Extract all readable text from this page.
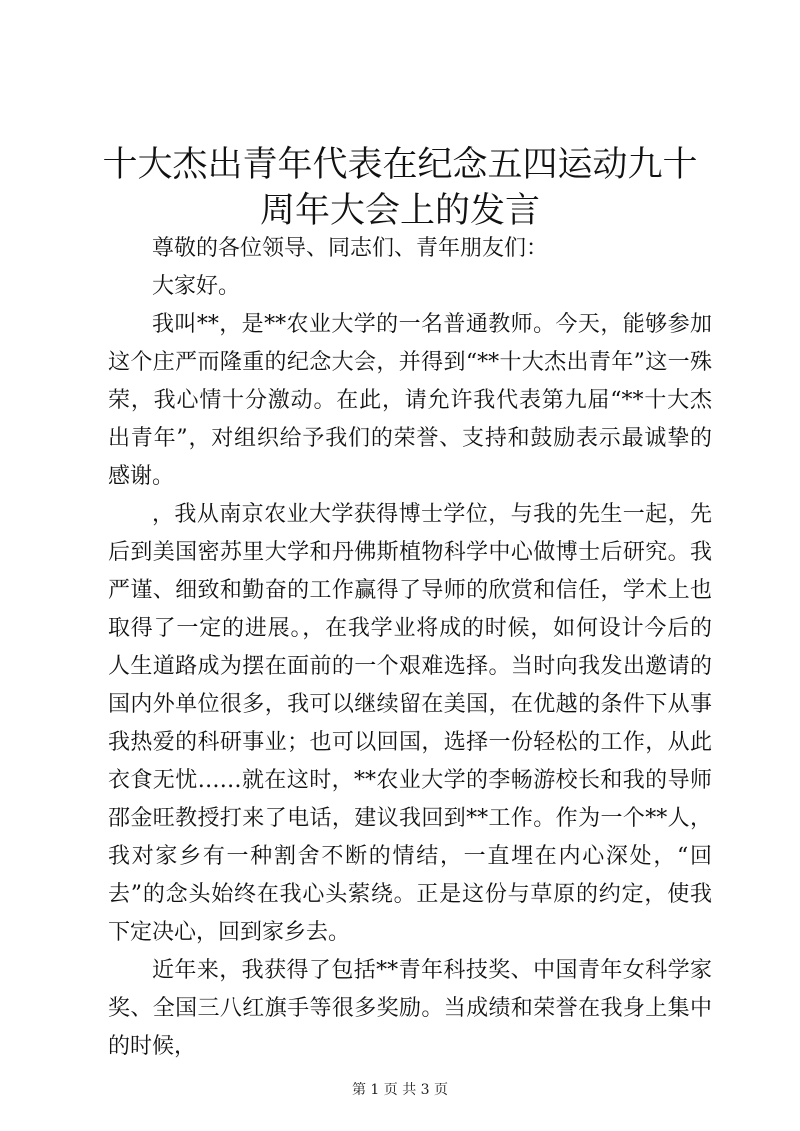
十大杰出青年代表在纪念五四运动九十周年大会上的发言

尊敬的各位领导、同志们、青年朋友们：

大家好。

我叫**，是**农业大学的一名普通教师。今天，能够参加这个庄严而隆重的纪念大会，并得到“**十大杰出青年”这一殊荣，我心情十分激动。在此，请允许我代表第九届“**十大杰出青年”，对组织给予我们的荣誉、支持和鼓励表示最诚挚的感谢。

，我从南京农业大学获得博士学位，与我的先生一起，先后到美国密苏里大学和丹佛斯植物科学中心做博士后研究。我严谨、细致和勤奋的工作赢得了导师的欣赏和信任，学术上也取得了一定的进展。，在我学业将成的时候，如何设计今后的人生道路成为摆在面前的一个艰难选择。当时向我发出邀请的国内外单位很多，我可以继续留在美国，在优越的条件下从事我热爱的科研事业；也可以回国，选择一份轻松的工作，从此衣食无忧……就在这时，**农业大学的李畅游校长和我的导师邵金旺教授打来了电话，建议我回到**工作。作为一个**人，我对家乡有一种割舍不断的情结，一直埋在内心深处，“回去”的念头始终在我心头萦绕。正是这份与草原的约定，使我下定决心，回到家乡去。

近年来，我获得了包括**青年科技奖、中国青年女科学家奖、全国三八红旗手等很多奖励。当成绩和荣誉在我身上集中的时候，

第 1 页 共 3 页
